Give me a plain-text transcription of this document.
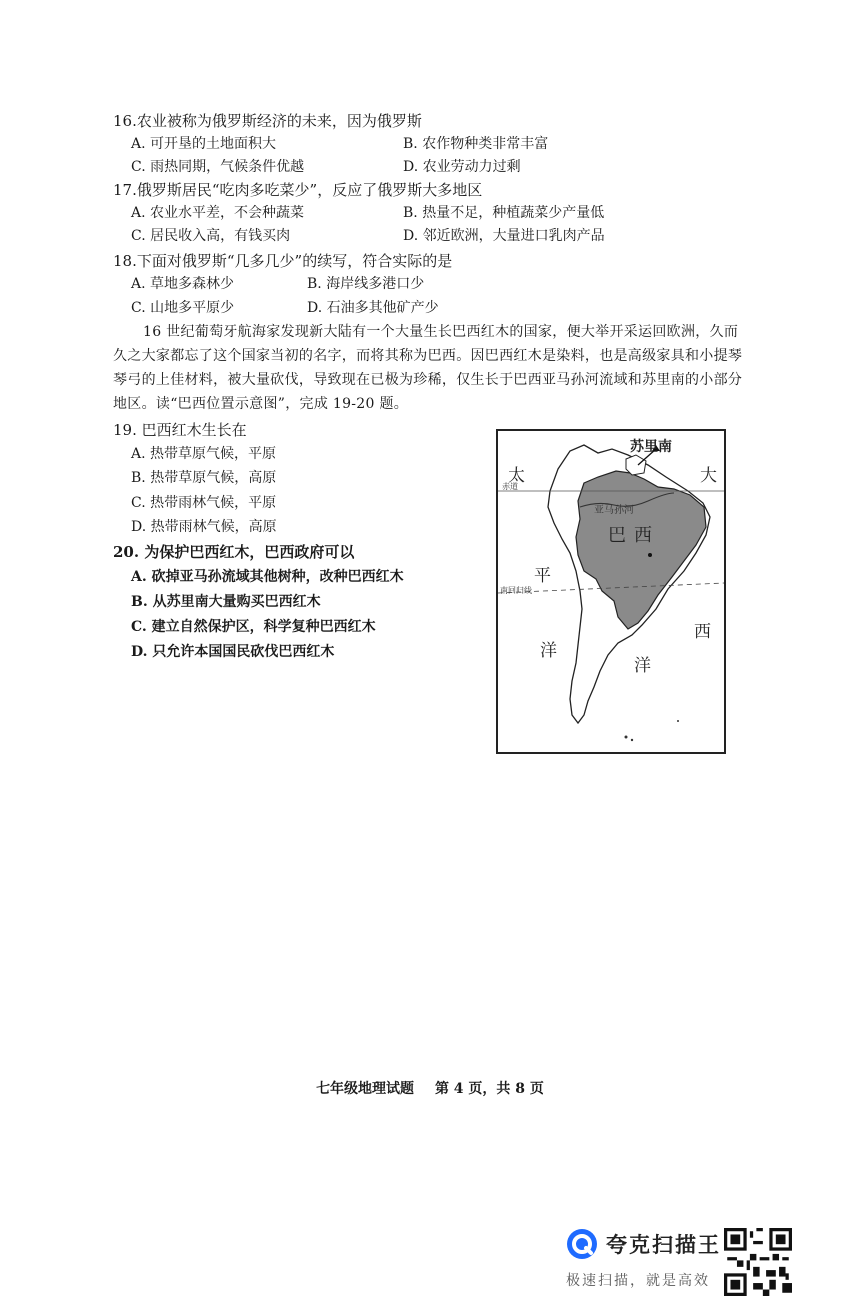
16.农业被称为俄罗斯经济的未来，因为俄罗斯
A. 可开垦的土地面积大	B. 农作物种类非常丰富
C. 雨热同期，气候条件优越	D. 农业劳动力过剩
17.俄罗斯居民“吃肉多吃菜少”，反应了俄罗斯大多地区
A. 农业水平差，不会种蔬菜	B. 热量不足，种植蔬菜少产量低
C. 居民收入高，有钱买肉	D. 邻近欧洲，大量进口乳肉产品
18.下面对俄罗斯“几多几少”的续写，符合实际的是
A. 草地多森林少	B. 海岸线多港口少
C. 山地多平原少	D. 石油多其他矿产少
16 世纪葡萄牙航海家发现新大陆有一个大量生长巴西红木的国家，便大举开采运回欧洲，久而久之大家都忘了这个国家当初的名字，而将其称为巴西。因巴西红木是染料，也是高级家具和小提琴琴弓的上佳材料，被大量砍伐，导致现在已极为珍稀，仅生长于巴西亚马孙河流域和苏里南的小部分地区。读“巴西位置示意图”，完成 19-20 题。
19. 巴西红木生长在
A. 热带草原气候，平原
B. 热带草原气候，高原
C. 热带雨林气候，平原
D. 热带雨林气候，高原
20. 为保护巴西红木，巴西政府可以
A. 砍掉亚马孙流域其他树种，改种巴西红木
B. 从苏里南大量购买巴西红木
C. 建立自然保护区，科学复种巴西红木
D. 只允许本国国民砍伐巴西红木
苏里南
太	大
赤道
亚马孙河
巴 西
平
南回归线
洋
西
洋
七年级地理试题 第 4 页，共 8 页
夸克扫描王
极速扫描，就是高效
